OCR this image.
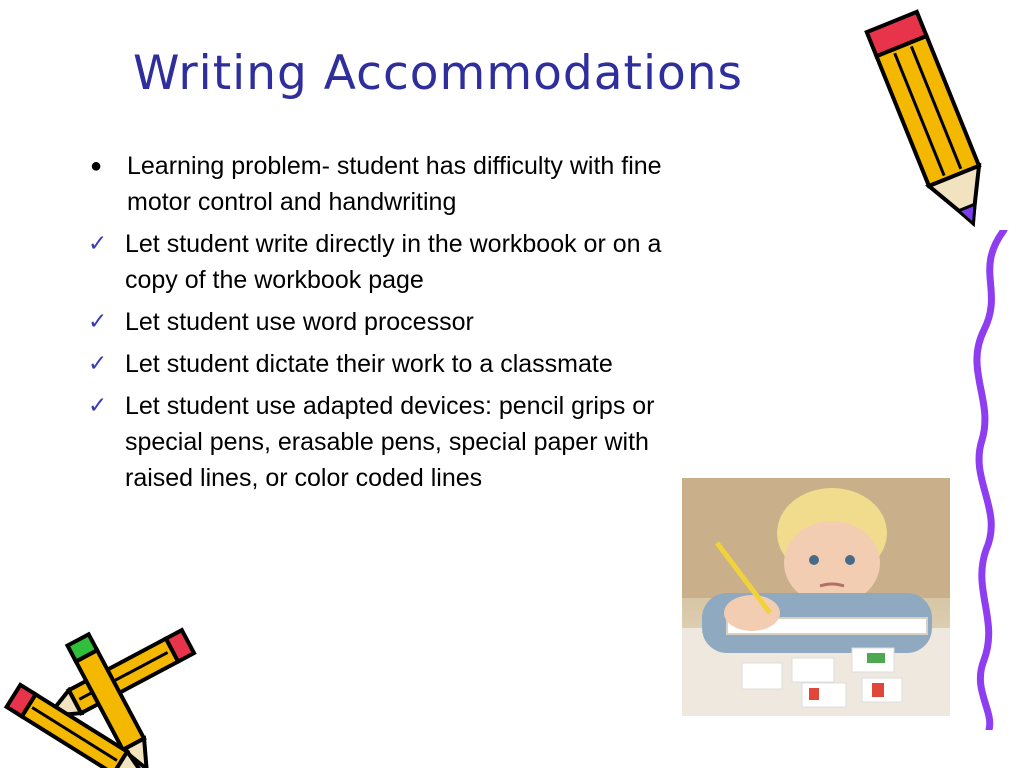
Writing Accommodations
● Learning problem- student has difficulty with fine motor control and handwriting
✓ Let student write directly in the workbook or on a copy of the workbook page
✓ Let student use word processor
✓ Let student dictate their work to a classmate
✓ Let student use adapted devices: pencil grips or special pens, erasable pens, special paper with raised lines, or color coded lines
